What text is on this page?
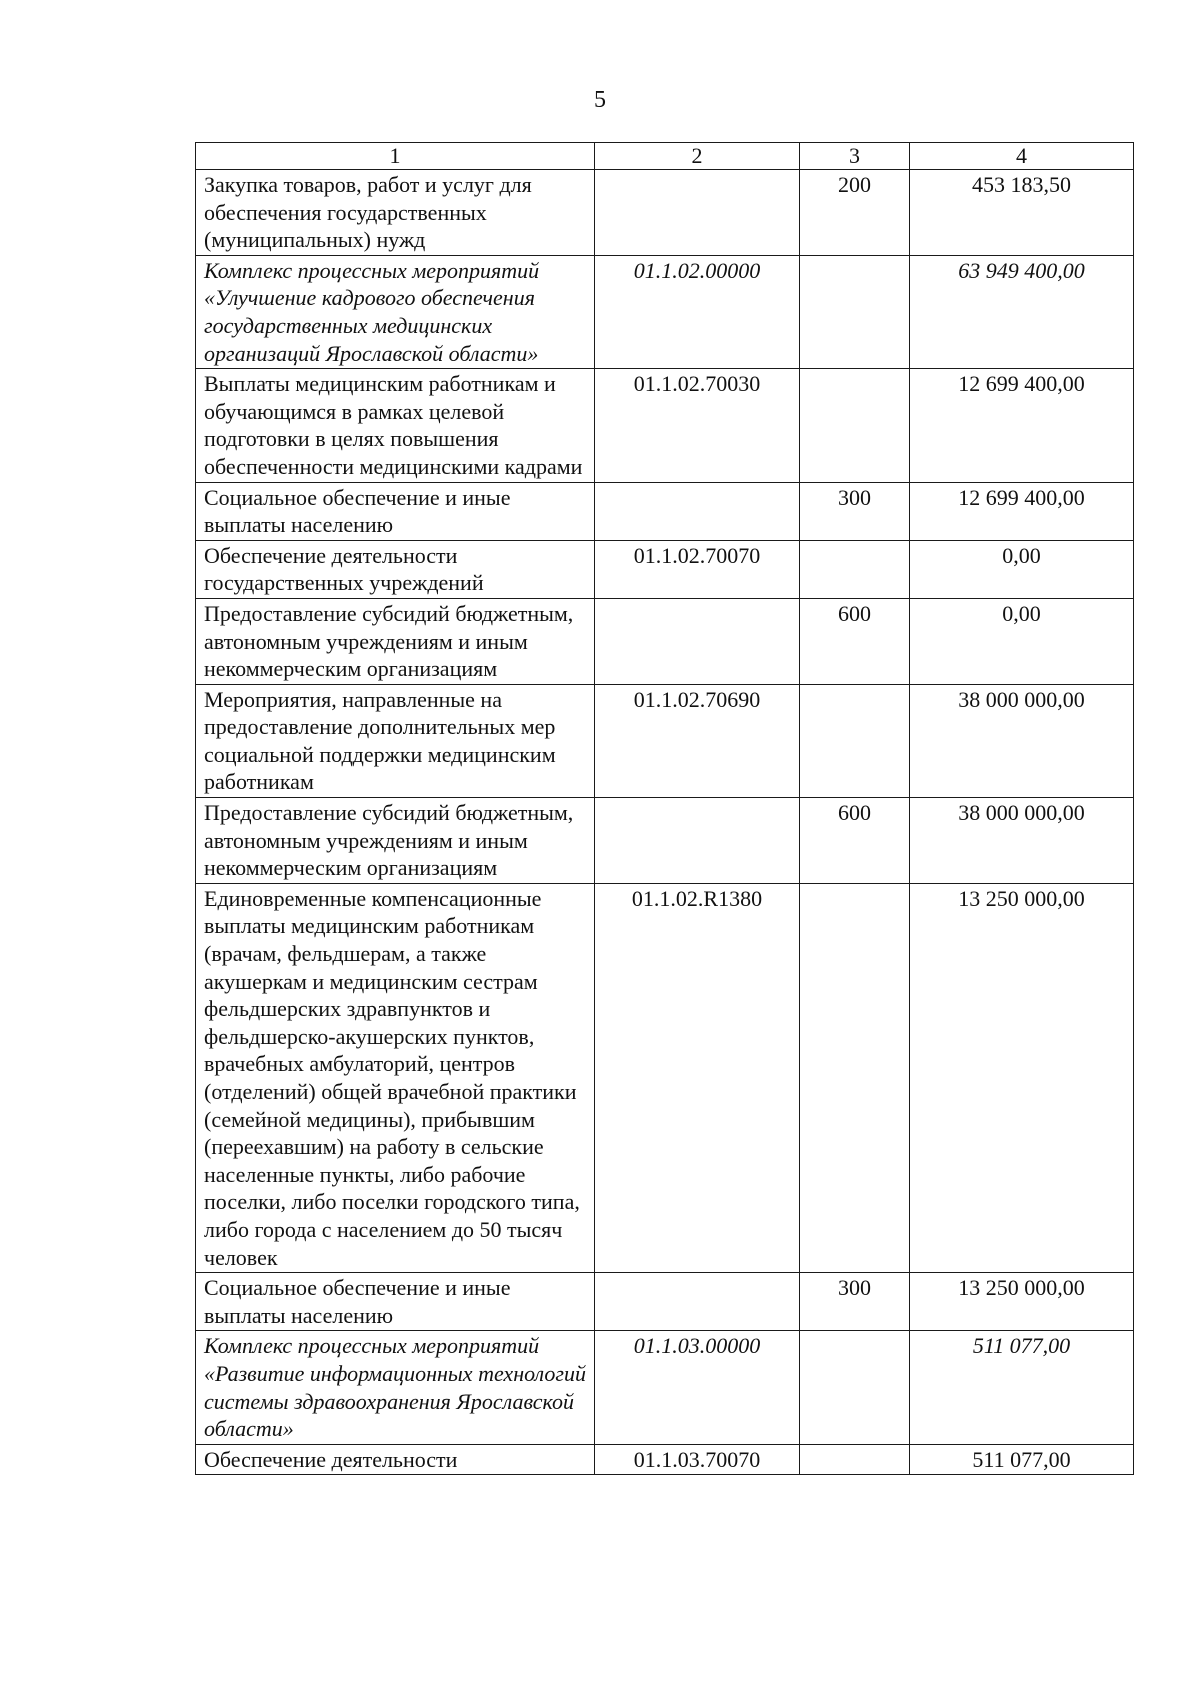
5
1	2	3	4
Закупка товаров, работ и услуг для обеспечения государственных (муниципальных) нужд		200	453 183,50
Комплекс процессных мероприятий «Улучшение кадрового обеспечения государственных медицинских организаций Ярославской области»	01.1.02.00000		63 949 400,00
Выплаты медицинским работникам и обучающимся в рамках целевой подготовки в целях повышения обеспеченности медицинскими кадрами	01.1.02.70030		12 699 400,00
Социальное обеспечение и иные выплаты населению		300	12 699 400,00
Обеспечение деятельности государственных учреждений	01.1.02.70070		0,00
Предоставление субсидий бюджетным, автономным учреждениям и иным некоммерческим организациям		600	0,00
Мероприятия, направленные на предоставление дополнительных мер социальной поддержки медицинским работникам	01.1.02.70690		38 000 000,00
Предоставление субсидий бюджетным, автономным учреждениям и иным некоммерческим организациям		600	38 000 000,00
Единовременные компенсационные выплаты медицинским работникам (врачам, фельдшерам, а также акушеркам и медицинским сестрам фельдшерских здравпунктов и фельдшерско-акушерских пунктов, врачебных амбулаторий, центров (отделений) общей врачебной практики (семейной медицины), прибывшим (переехавшим) на работу в сельские населенные пункты, либо рабочие поселки, либо поселки городского типа, либо города с населением до 50 тысяч человек	01.1.02.R1380		13 250 000,00
Социальное обеспечение и иные выплаты населению		300	13 250 000,00
Комплекс процессных мероприятий «Развитие информационных технологий системы здравоохранения Ярославской области»	01.1.03.00000		511 077,00
Обеспечение деятельности	01.1.03.70070		511 077,00
